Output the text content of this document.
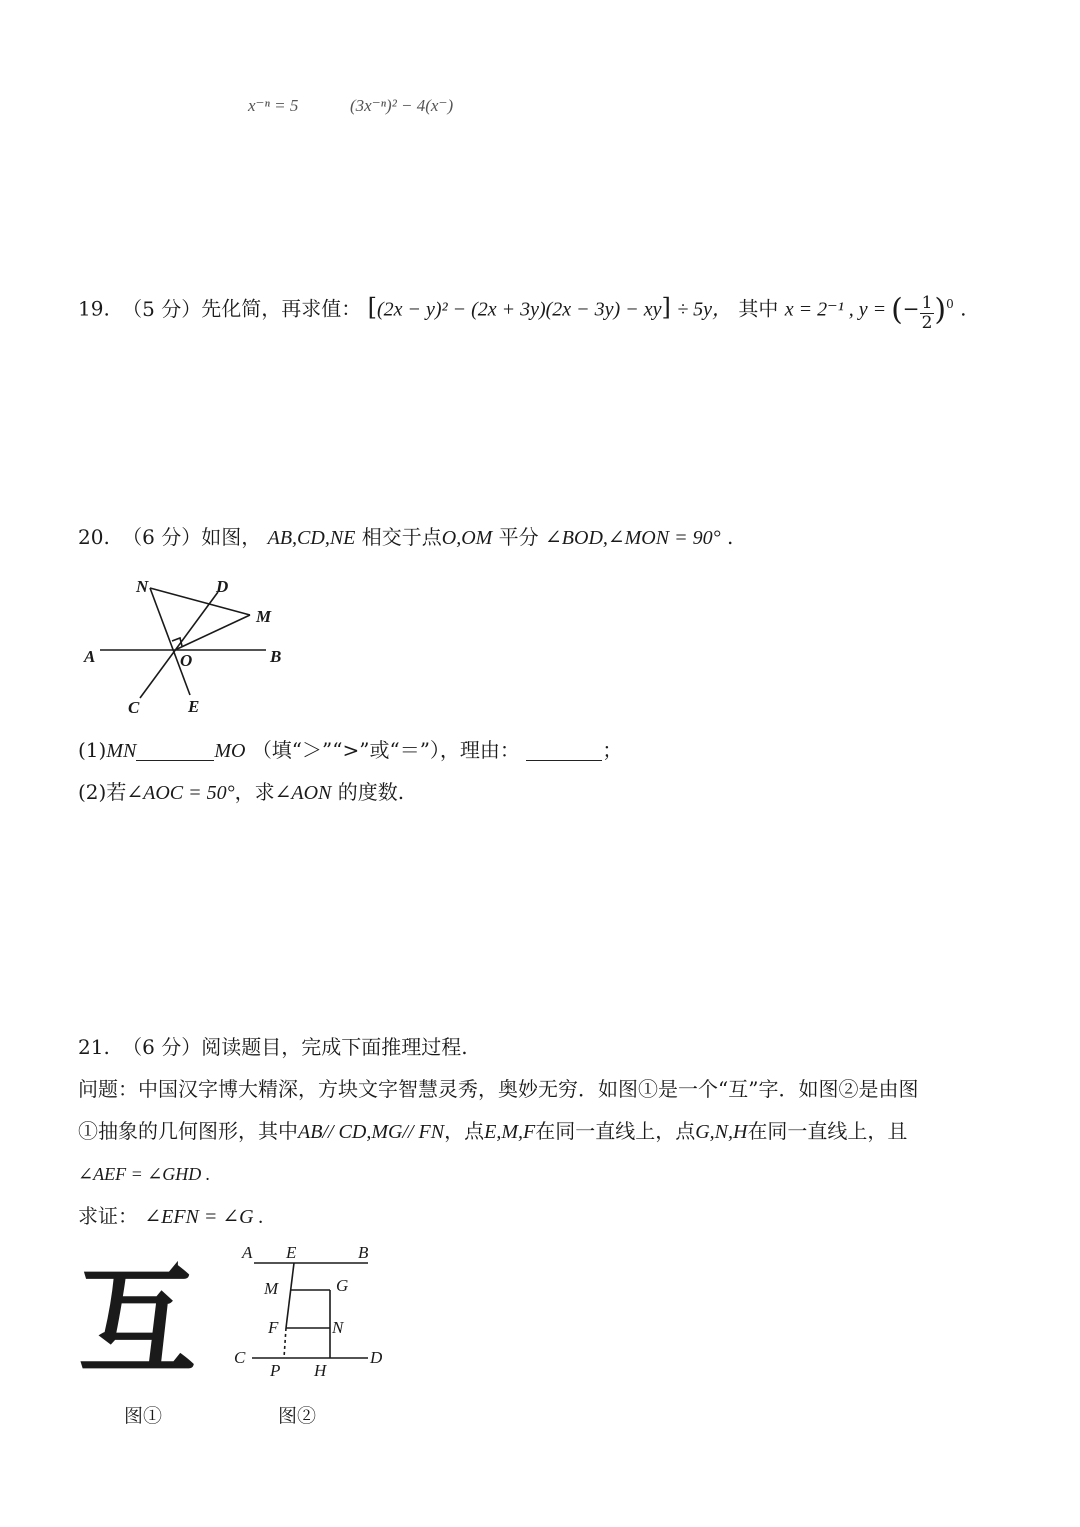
x⁻ⁿ = 5	(3x⁻ⁿ)² − 4(x⁻)
19. （5 分）先化简，再求值： [(2x − y)² − (2x + 3y)(2x − 3y) − xy] ÷ 5y， 其中 x = 2⁻¹ , y = (− $\frac{1}{2} )^0$ .
20. （6 分）如图， AB,CD,NE 相交于点O,OM 平分 ∠BOD,∠MON = 90° .
N	D
M
A	O	B
C	E
(1)MN	MO （填“＞”“>”或“＝”），理由：	；
(2)若∠AOC = 50°，求∠AON 的度数.
21. （6 分）阅读题目，完成下面推理过程.
问题：中国汉字博大精深，方块文字智慧灵秀，奥妙无穷．如图①是一个“互”字．如图②是由图
①抽象的几何图形，其中AB// CD,MG// FN，点E,M,F在同一直线上，点G,N,H在同一直线上，且
∠AEF = ∠GHD .
求证： ∠EFN = ∠G .
互
图①
A E	B
M	G
F	N
C
P H
D
图②
